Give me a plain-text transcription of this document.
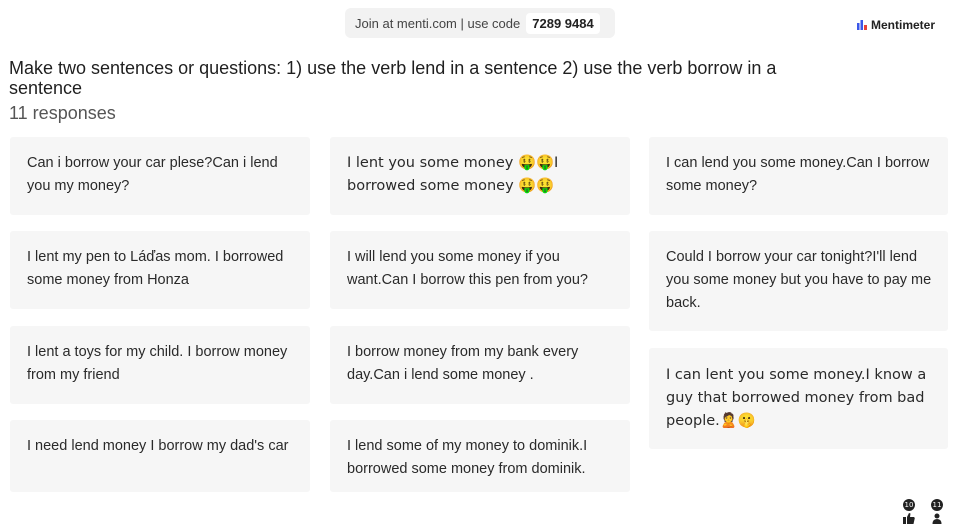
Join at menti.com | use code 7289 9484	Mentimeter
Make two sentences or questions: 1) use the verb lend in a sentence 2) use the verb borrow in a sentence
11 responses
Can i borrow your car plese?Can i lend you my money?
I lent you some money 🤑🤑I borrowed some money 🤑🤑
I can lend you some money.Can I borrow some money?
I lent my pen to Láďas mom. I borrowed some money from Honza
I will lend you some money if you want.Can I borrow this pen from you?
Could I borrow your car tonight?I'll lend you some money but you have to pay me back.
I lent a toys for my child. I borrow money from my friend
I borrow money from my bank every day.Can i lend some money .	I can lent you some money.I know a guy that borrowed money from bad people.🙎🤫
I need lend money I borrow my dad's car	I lend some of my money to dominik.I borrowed some money from dominik.
10	11
